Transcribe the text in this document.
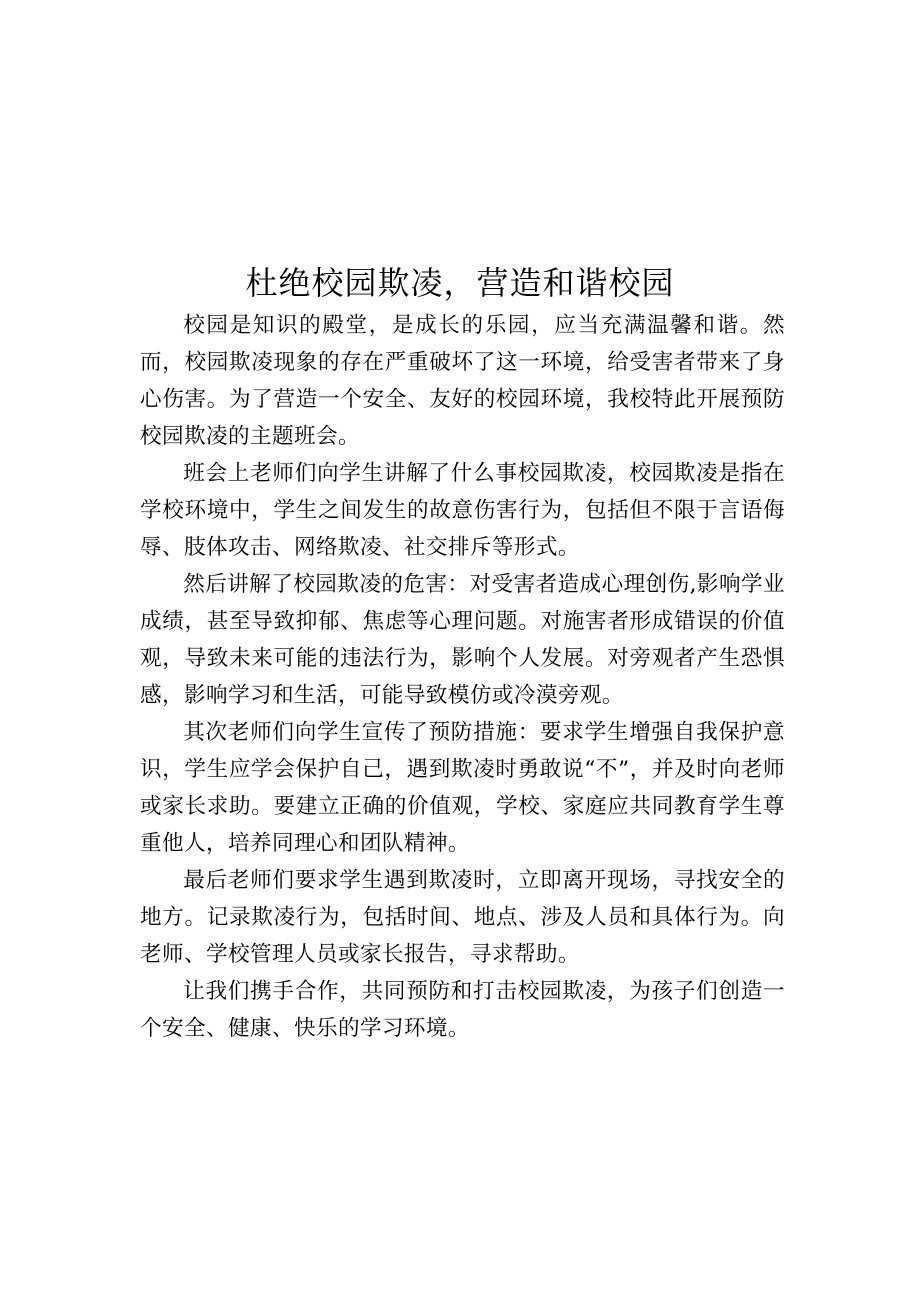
杜绝校园欺凌，营造和谐校园

校园是知识的殿堂，是成长的乐园，应当充满温馨和谐。然而，校园欺凌现象的存在严重破坏了这一环境，给受害者带来了身心伤害。为了营造一个安全、友好的校园环境，我校特此开展预防校园欺凌的主题班会。

班会上老师们向学生讲解了什么事校园欺凌，校园欺凌是指在学校环境中，学生之间发生的故意伤害行为，包括但不限于言语侮辱、肢体攻击、网络欺凌、社交排斥等形式。

然后讲解了校园欺凌的危害：对受害者造成心理创伤,影响学业成绩，甚至导致抑郁、焦虑等心理问题。对施害者形成错误的价值观，导致未来可能的违法行为，影响个人发展。对旁观者产生恐惧感，影响学习和生活，可能导致模仿或冷漠旁观。

其次老师们向学生宣传了预防措施：要求学生增强自我保护意识，学生应学会保护自己，遇到欺凌时勇敢说“不”，并及时向老师或家长求助。要建立正确的价值观，学校、家庭应共同教育学生尊重他人，培养同理心和团队精神。

最后老师们要求学生遇到欺凌时，立即离开现场，寻找安全的地方。记录欺凌行为，包括时间、地点、涉及人员和具体行为。向老师、学校管理人员或家长报告，寻求帮助。

让我们携手合作，共同预防和打击校园欺凌，为孩子们创造一个安全、健康、快乐的学习环境。
